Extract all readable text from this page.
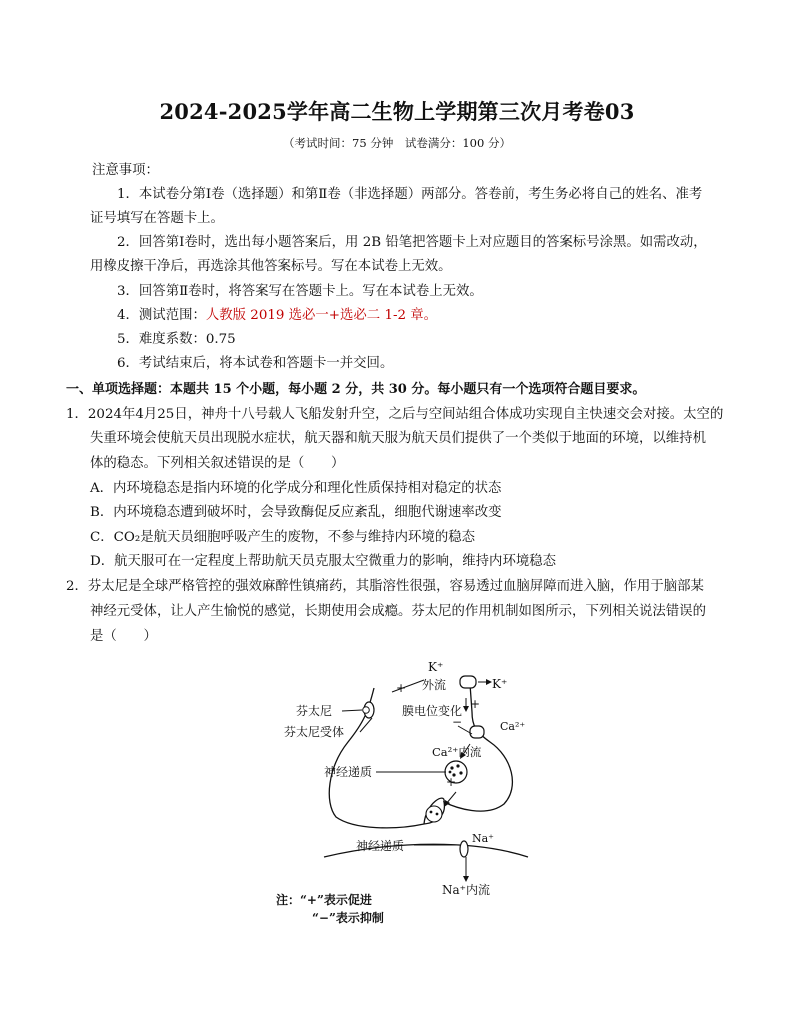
2024-2025学年高二生物上学期第三次月考卷03
（考试时间：75 分钟　试卷满分：100 分）
注意事项：
1．本试卷分第Ⅰ卷（选择题）和第Ⅱ卷（非选择题）两部分。答卷前，考生务必将自己的姓名、准考
证号填写在答题卡上。
2．回答第Ⅰ卷时，选出每小题答案后，用 2B 铅笔把答题卡上对应题目的答案标号涂黑。如需改动，
用橡皮擦干净后，再选涂其他答案标号。写在本试卷上无效。
3．回答第Ⅱ卷时，将答案写在答题卡上。写在本试卷上无效。
4．测试范围：人教版 2019 选必一+选必二 1-2 章。
5．难度系数：0.75
6．考试结束后，将本试卷和答题卡一并交回。
一、单项选择题：本题共 15 个小题，每小题 2 分，共 30 分。每小题只有一个选项符合题目要求。
1．2024年4月25日，神舟十八号载人飞船发射升空，之后与空间站组合体成功实现自主快速交会对接。太空的
失重环境会使航天员出现脱水症状，航天器和航天服为航天员们提供了一个类似于地面的环境，以维持机
体的稳态。下列相关叙述错误的是（　　）
A．内环境稳态是指内环境的化学成分和理化性质保持相对稳定的状态
B．内环境稳态遭到破坏时，会导致酶促反应紊乱，细胞代谢速率改变
C．CO₂是航天员细胞呼吸产生的废物，不参与维持内环境的稳态
D．航天服可在一定程度上帮助航天员克服太空微重力的影响，维持内环境稳态
2．芬太尼是全球严格管控的强效麻醉性镇痛药，其脂溶性很强，容易透过血脑屏障而进入脑，作用于脑部某
神经元受体，让人产生愉悦的感觉，长期使用会成瘾。芬太尼的作用机制如图所示，下列相关说法错误的
是（　　）
K⁺
外流	K⁺
膜电位变化
Ca²⁺
Ca²⁺内流
芬太尼
芬太尼受体
神经递质
神经递质
Na⁺
Na⁺内流
+
+
+
−
注：“+”表示促进
“−”表示抑制
